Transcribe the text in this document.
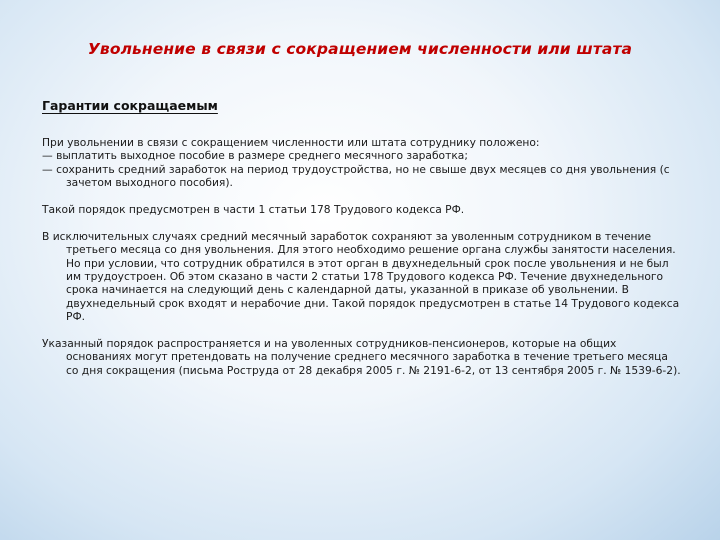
Увольнение в связи с сокращением численности или штата
Гарантии сокращаемым

При увольнении в связи с сокращением численности или штата сотруднику положено:

— выплатить выходное пособие в размере среднего месячного заработка;

— сохранить средний заработок на период трудоустройства, но не свыше двух месяцев со дня увольнения (с зачетом выходного пособия).

Такой порядок предусмотрен в части 1 статьи 178 Трудового кодекса РФ.

В исключительных случаях средний месячный заработок сохраняют за уволенным сотрудником в течение третьего месяца со дня увольнения. Для этого необходимо решение органа службы занятости населения. Но при условии, что сотрудник обратился в этот орган в двухнедельный срок после увольнения и не был им трудоустроен. Об этом сказано в части 2 статьи 178 Трудового кодекса РФ. Течение двухнедельного срока начинается на следующий день с календарной даты, указанной в приказе об увольнении. В двухнедельный срок входят и нерабочие дни. Такой порядок предусмотрен в статье 14 Трудового кодекса РФ.

Указанный порядок распространяется и на уволенных сотрудников-пенсионеров, которые на общих основаниях могут претендовать на получение среднего месячного заработка в течение третьего месяца со дня сокращения (письма Роструда от 28 декабря 2005 г. № 2191-6-2, от 13 сентября 2005 г. № 1539-6-2).
